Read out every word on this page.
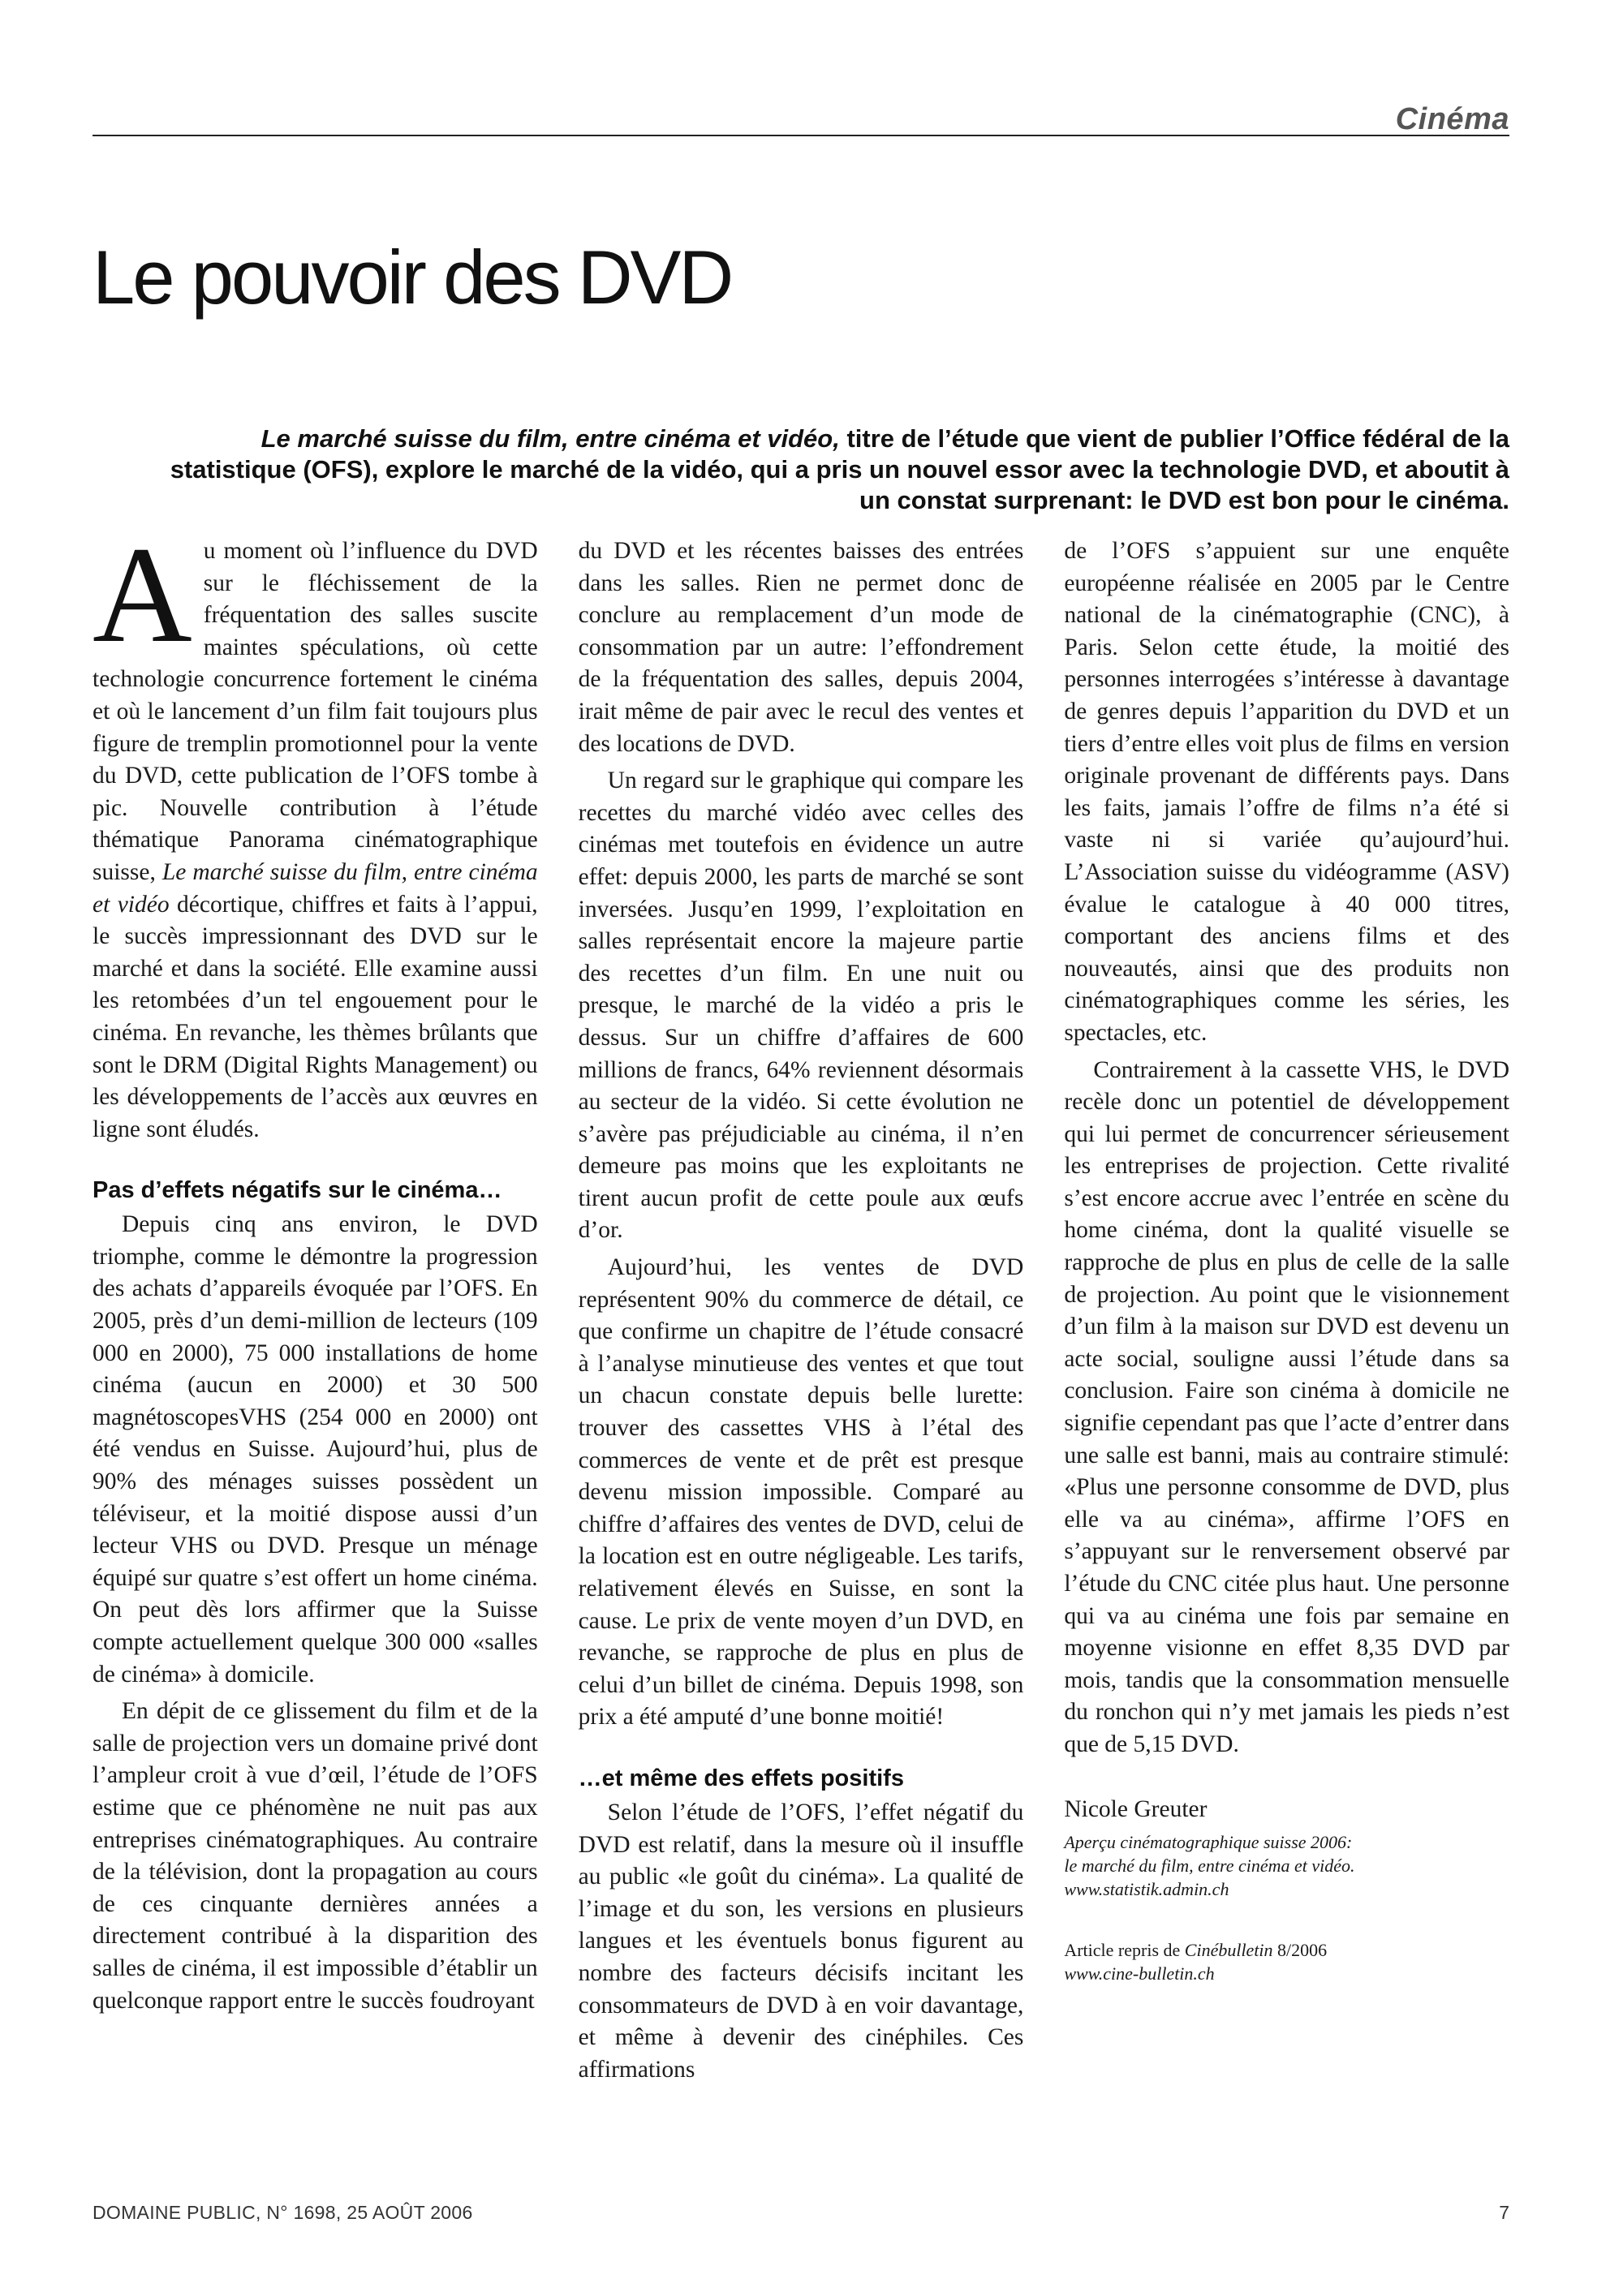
Cinéma
Le pouvoir des DVD

Le marché suisse du film, entre cinéma et vidéo, titre de l’étude que vient de publier l’Office fédéral de la statistique (OFS), explore le marché de la vidéo, qui a pris un nouvel essor avec la technologie DVD, et aboutit à un constat surprenant: le DVD est bon pour le cinéma.

Au moment où l’influence du DVD sur le fléchissement de la fréquentation des salles suscite maintes spéculations, où cette technologie concurrence fortement le cinéma et où le lancement d’un film fait toujours plus figure de tremplin promotionnel pour la vente du DVD, cette publication de l’OFS tombe à pic. Nouvelle contribution à l’étude thématique Panorama cinématographique suisse, Le marché suisse du film, entre cinéma et vidéo décortique, chiffres et faits à l’appui, le succès impressionnant des DVD sur le marché et dans la société. Elle examine aussi les retombées d’un tel engouement pour le cinéma. En revanche, les thèmes brûlants que sont le DRM (Digital Rights Management) ou les développements de l’accès aux œuvres en ligne sont éludés.

Pas d’effets négatifs sur le cinéma…

Depuis cinq ans environ, le DVD triomphe, comme le démontre la progression des achats d’appareils évoquée par l’OFS. En 2005, près d’un demi-million de lecteurs (109 000 en 2000), 75 000 installations de home cinéma (aucun en 2000) et 30 500 magnétoscopesVHS (254 000 en 2000) ont été vendus en Suisse. Aujourd’hui, plus de 90% des ménages suisses possèdent un téléviseur, et la moitié dispose aussi d’un lecteur VHS ou DVD. Presque un ménage équipé sur quatre s’est offert un home cinéma. On peut dès lors affirmer que la Suisse compte actuellement quelque 300 000 «salles de cinéma» à domicile.

En dépit de ce glissement du film et de la salle de projection vers un domaine privé dont l’ampleur croit à vue d’œil, l’étude de l’OFS estime que ce phénomène ne nuit pas aux entreprises cinématographiques. Au contraire de la télévision, dont la propagation au cours de ces cinquante dernières années a directement contribué à la disparition des salles de cinéma, il est impossible d’établir un quelconque rapport entre le succès foudroyant

du DVD et les récentes baisses des entrées dans les salles. Rien ne permet donc de conclure au remplacement d’un mode de consommation par un autre: l’effondrement de la fréquentation des salles, depuis 2004, irait même de pair avec le recul des ventes et des locations de DVD.

Un regard sur le graphique qui compare les recettes du marché vidéo avec celles des cinémas met toutefois en évidence un autre effet: depuis 2000, les parts de marché se sont inversées. Jusqu’en 1999, l’exploitation en salles représentait encore la majeure partie des recettes d’un film. En une nuit ou presque, le marché de la vidéo a pris le dessus. Sur un chiffre d’affaires de 600 millions de francs, 64% reviennent désormais au secteur de la vidéo. Si cette évolution ne s’avère pas préjudiciable au cinéma, il n’en demeure pas moins que les exploitants ne tirent aucun profit de cette poule aux œufs d’or.

Aujourd’hui, les ventes de DVD représentent 90% du commerce de détail, ce que confirme un chapitre de l’étude consacré à l’analyse minutieuse des ventes et que tout un chacun constate depuis belle lurette: trouver des cassettes VHS à l’étal des commerces de vente et de prêt est presque devenu mission impossible. Comparé au chiffre d’affaires des ventes de DVD, celui de la location est en outre négligeable. Les tarifs, relativement élevés en Suisse, en sont la cause. Le prix de vente moyen d’un DVD, en revanche, se rapproche de plus en plus de celui d’un billet de cinéma. Depuis 1998, son prix a été amputé d’une bonne moitié!

…et même des effets positifs

Selon l’étude de l’OFS, l’effet négatif du DVD est relatif, dans la mesure où il insuffle au public «le goût du cinéma». La qualité de l’image et du son, les versions en plusieurs langues et les éventuels bonus figurent au nombre des facteurs décisifs incitant les consommateurs de DVD à en voir davantage, et même à devenir des cinéphiles. Ces affirmations

de l’OFS s’appuient sur une enquête européenne réalisée en 2005 par le Centre national de la cinématographie (CNC), à Paris. Selon cette étude, la moitié des personnes interrogées s’intéresse à davantage de genres depuis l’apparition du DVD et un tiers d’entre elles voit plus de films en version originale provenant de différents pays. Dans les faits, jamais l’offre de films n’a été si vaste ni si variée qu’aujourd’hui. L’Association suisse du vidéogramme (ASV) évalue le catalogue à 40 000 titres, comportant des anciens films et des nouveautés, ainsi que des produits non cinématographiques comme les séries, les spectacles, etc.

Contrairement à la cassette VHS, le DVD recèle donc un potentiel de développement qui lui permet de concurrencer sérieusement les entreprises de projection. Cette rivalité s’est encore accrue avec l’entrée en scène du home cinéma, dont la qualité visuelle se rapproche de plus en plus de celle de la salle de projection. Au point que le visionnement d’un film à la maison sur DVD est devenu un acte social, souligne aussi l’étude dans sa conclusion. Faire son cinéma à domicile ne signifie cependant pas que l’acte d’entrer dans une salle est banni, mais au contraire stimulé: «Plus une personne consomme de DVD, plus elle va au cinéma», affirme l’OFS en s’appuyant sur le renversement observé par l’étude du CNC citée plus haut. Une personne qui va au cinéma une fois par semaine en moyenne visionne en effet 8,35 DVD par mois, tandis que la consommation mensuelle du ronchon qui n’y met jamais les pieds n’est que de 5,15 DVD.

Nicole Greuter

Aperçu cinématographique suisse 2006:
le marché du film, entre cinéma et vidéo.
www.statistik.admin.ch

Article repris de Cinébulletin 8/2006
www.cine-bulletin.ch

DOMAINE PUBLIC, N° 1698, 25 AOÛT 2006	7
